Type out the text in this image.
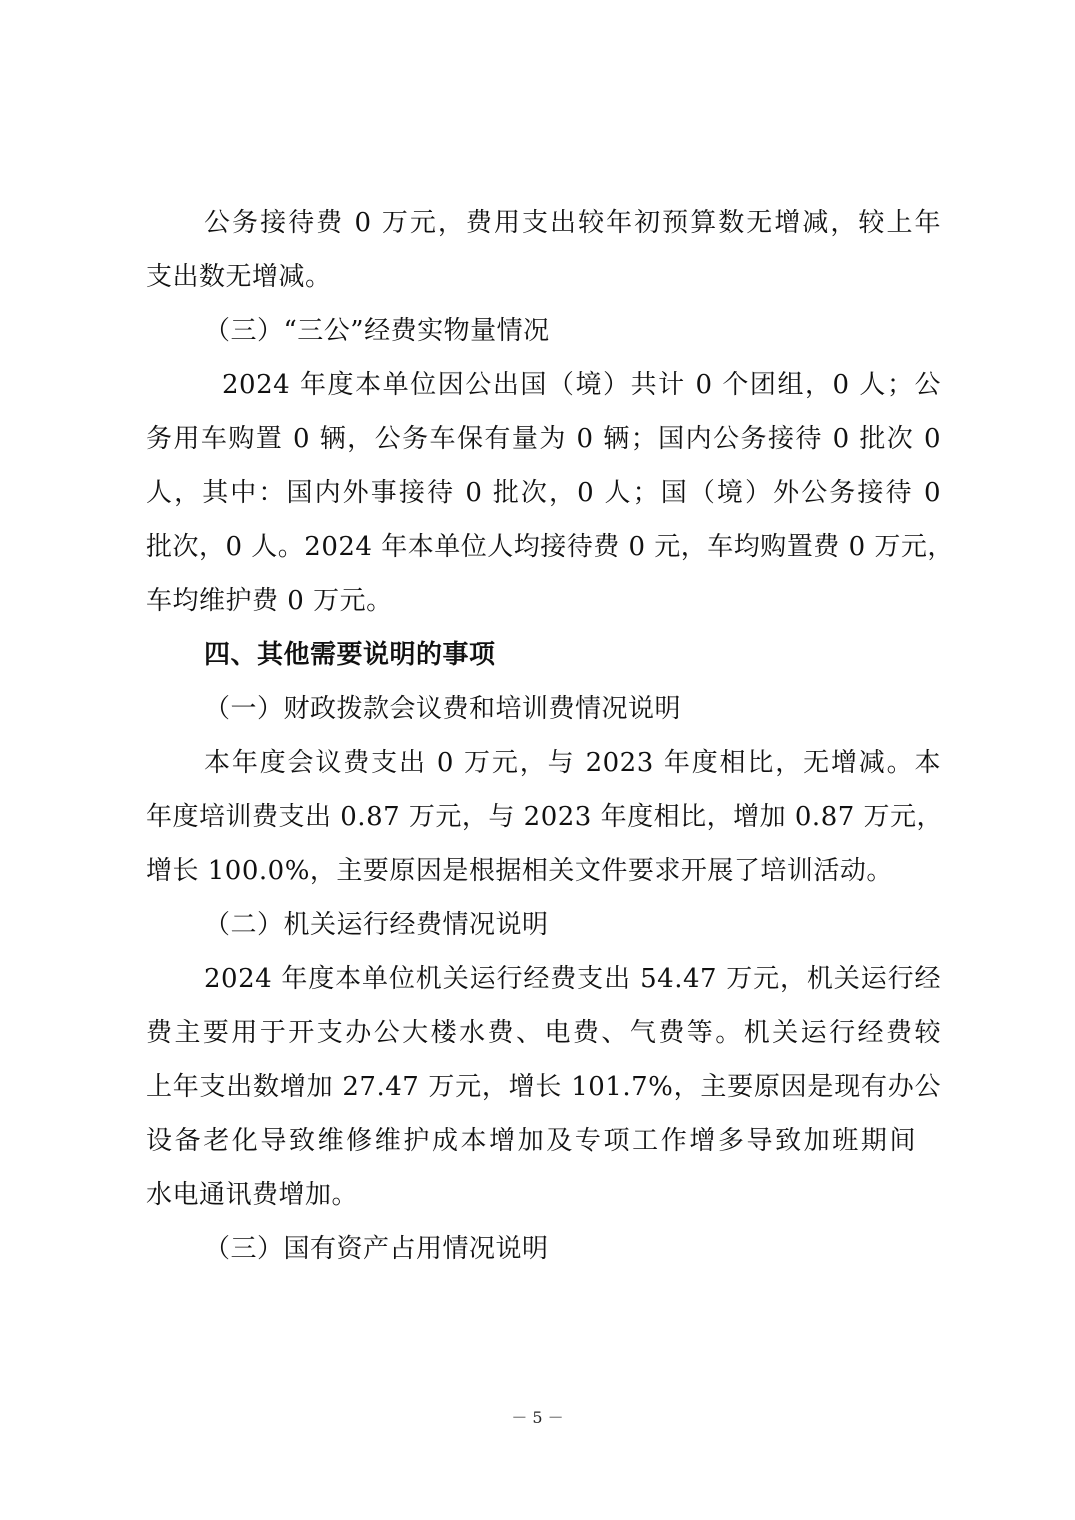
公务接待费 0 万元，费用支出较年初预算数无增减，较上年

支出数无增减。

（三）“三公”经费实物量情况

2024 年度本单位因公出国（境）共计 0 个团组，0 人；公

务用车购置 0 辆，公务车保有量为 0 辆；国内公务接待 0 批次 0

人，其中：国内外事接待 0 批次，0 人；国（境）外公务接待 0

批次，0 人。2024 年本单位人均接待费 0 元，车均购置费 0 万元，

车均维护费 0 万元。

四、其他需要说明的事项

（一）财政拨款会议费和培训费情况说明

本年度会议费支出 0 万元，与 2023 年度相比，无增减。本

年度培训费支出 0.87 万元，与 2023 年度相比，增加 0.87 万元，

增长 100.0%，主要原因是根据相关文件要求开展了培训活动。

（二）机关运行经费情况说明

2024 年度本单位机关运行经费支出 54.47 万元，机关运行经

费主要用于开支办公大楼水费、电费、气费等。机关运行经费较

上年支出数增加 27.47 万元，增长 101.7%，主要原因是现有办公

设备老化导致维修维护成本增加及专项工作增多导致加班期间

水电通讯费增加。

（三）国有资产占用情况说明

－ 5 －
